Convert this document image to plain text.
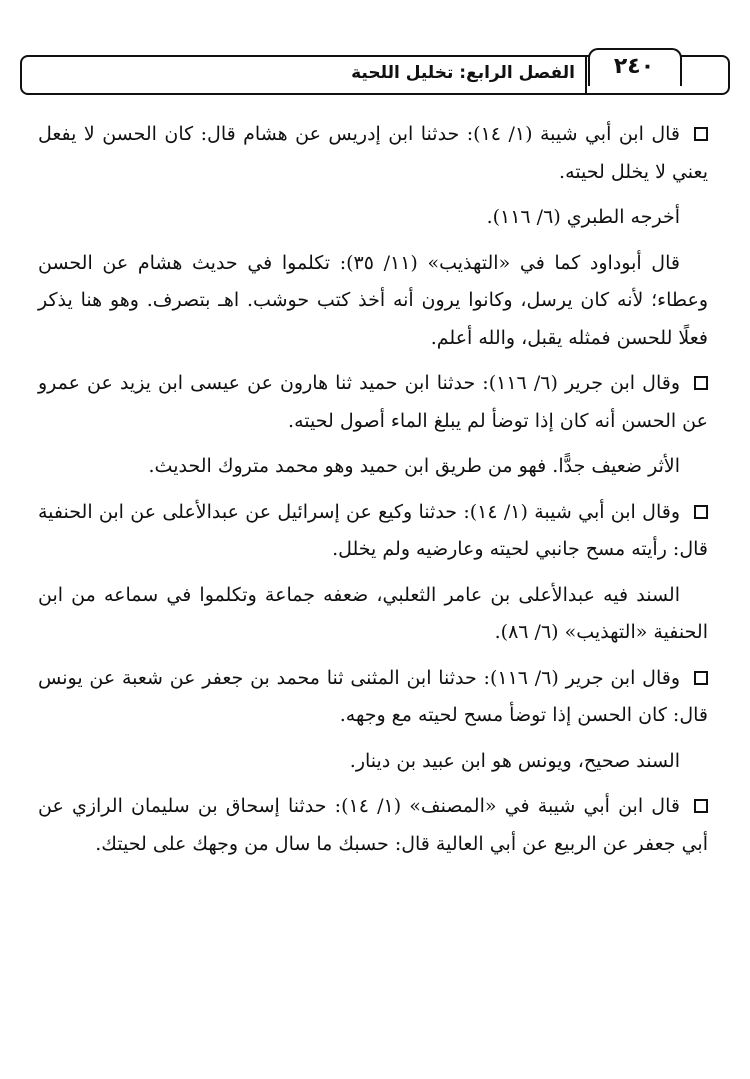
٢٤٠
الفصل الرابع: تخليل اللحية

قال ابن أبي شيبة (١/ ١٤): حدثنا ابن إدريس عن هشام قال: كان الحسن لا يفعل يعني لا يخلل لحيته.

أخرجه الطبري (٦/ ١١٦).

قال أبوداود كما في «التهذيب» (١١/ ٣٥): تكلموا في حديث هشام عن الحسن وعطاء؛ لأنه كان يرسل، وكانوا يرون أنه أخذ كتب حوشب. اهـ بتصرف. وهو هنا يذكر فعلًا للحسن فمثله يقبل، والله أعلم.

وقال ابن جرير (٦/ ١١٦): حدثنا ابن حميد ثنا هارون عن عيسى ابن يزيد عن عمرو عن الحسن أنه كان إذا توضأ لم يبلغ الماء أصول لحيته.

الأثر ضعيف جدًّا. فهو من طريق ابن حميد وهو محمد متروك الحديث.

وقال ابن أبي شيبة (١/ ١٤): حدثنا وكيع عن إسرائيل عن عبدالأعلى عن ابن الحنفية قال: رأيته مسح جانبي لحيته وعارضيه ولم يخلل.

السند فيه عبدالأعلى بن عامر الثعلبي، ضعفه جماعة وتكلموا في سماعه من ابن الحنفية «التهذيب» (٦/ ٨٦).

وقال ابن جرير (٦/ ١١٦): حدثنا ابن المثنى ثنا محمد بن جعفر عن شعبة عن يونس قال: كان الحسن إذا توضأ مسح لحيته مع وجهه.

السند صحيح، ويونس هو ابن عبيد بن دينار.

قال ابن أبي شيبة في «المصنف» (١/ ١٤): حدثنا إسحاق بن سليمان الرازي عن أبي جعفر عن الربيع عن أبي العالية قال: حسبك ما سال من وجهك على لحيتك.
